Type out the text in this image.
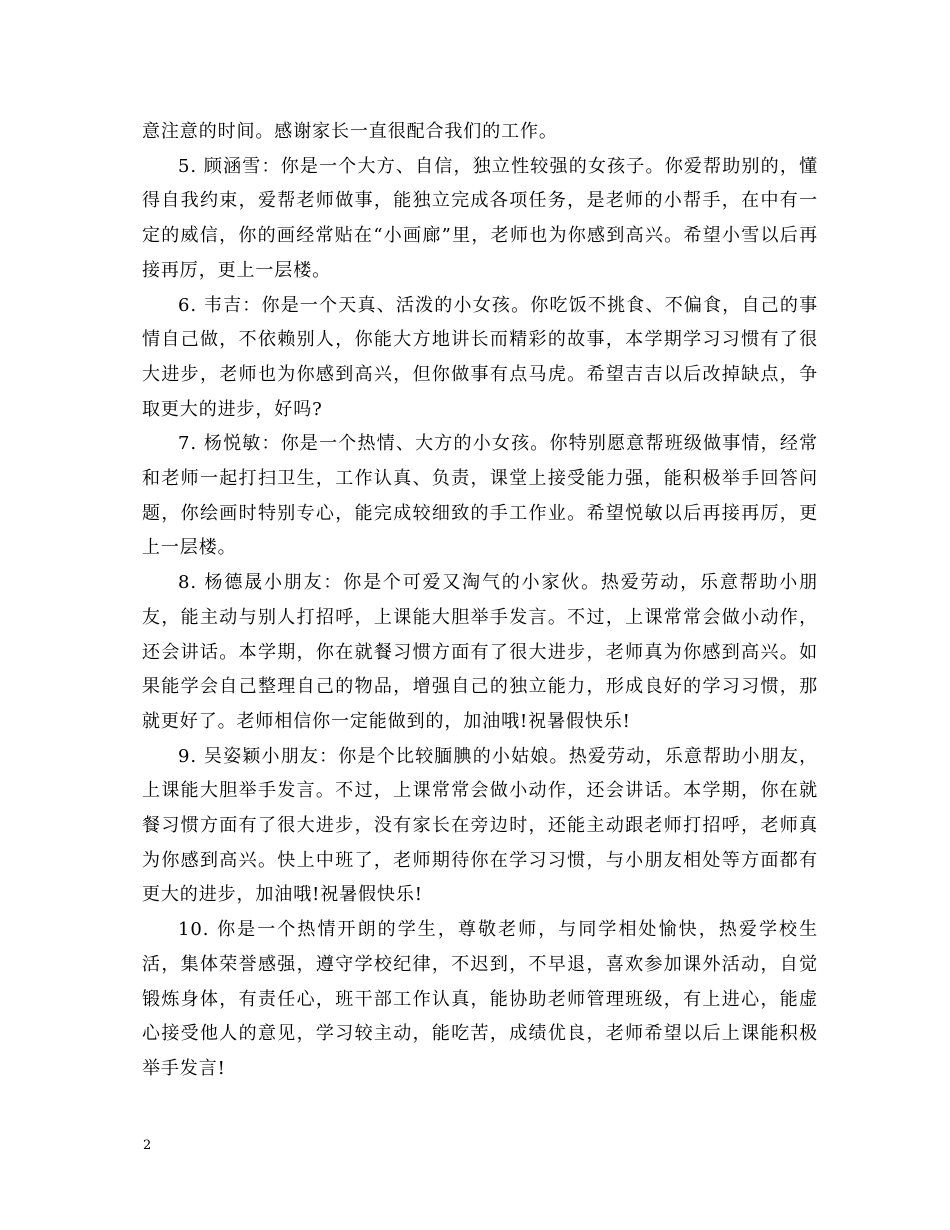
意注意的时间。感谢家长一直很配合我们的工作。

5. 顾涵雪：你是一个大方、自信，独立性较强的女孩子。你爱帮助别的，懂得自我约束，爱帮老师做事，能独立完成各项任务，是老师的小帮手，在中有一定的威信，你的画经常贴在“小画廊”里，老师也为你感到高兴。希望小雪以后再接再厉，更上一层楼。

6. 韦吉：你是一个天真、活泼的小女孩。你吃饭不挑食、不偏食，自己的事情自己做，不依赖别人，你能大方地讲长而精彩的故事，本学期学习习惯有了很大进步，老师也为你感到高兴，但你做事有点马虎。希望吉吉以后改掉缺点，争取更大的进步，好吗?

7. 杨悦敏：你是一个热情、大方的小女孩。你特别愿意帮班级做事情，经常和老师一起打扫卫生，工作认真、负责，课堂上接受能力强，能积极举手回答问题，你绘画时特别专心，能完成较细致的手工作业。希望悦敏以后再接再厉，更上一层楼。

8. 杨德晟小朋友：你是个可爱又淘气的小家伙。热爱劳动，乐意帮助小朋友，能主动与别人打招呼，上课能大胆举手发言。不过，上课常常会做小动作，还会讲话。本学期，你在就餐习惯方面有了很大进步，老师真为你感到高兴。如果能学会自己整理自己的物品，增强自己的独立能力，形成良好的学习习惯，那就更好了。老师相信你一定能做到的，加油哦!祝暑假快乐!

9. 吴姿颖小朋友：你是个比较腼腆的小姑娘。热爱劳动，乐意帮助小朋友，上课能大胆举手发言。不过，上课常常会做小动作，还会讲话。本学期，你在就餐习惯方面有了很大进步，没有家长在旁边时，还能主动跟老师打招呼，老师真为你感到高兴。快上中班了，老师期待你在学习习惯，与小朋友相处等方面都有更大的进步，加油哦!祝暑假快乐!

10. 你是一个热情开朗的学生，尊敬老师，与同学相处愉快，热爱学校生活，集体荣誉感强，遵守学校纪律，不迟到，不早退，喜欢参加课外活动，自觉锻炼身体，有责任心，班干部工作认真，能协助老师管理班级，有上进心，能虚心接受他人的意见，学习较主动，能吃苦，成绩优良，老师希望以后上课能积极举手发言!

2
